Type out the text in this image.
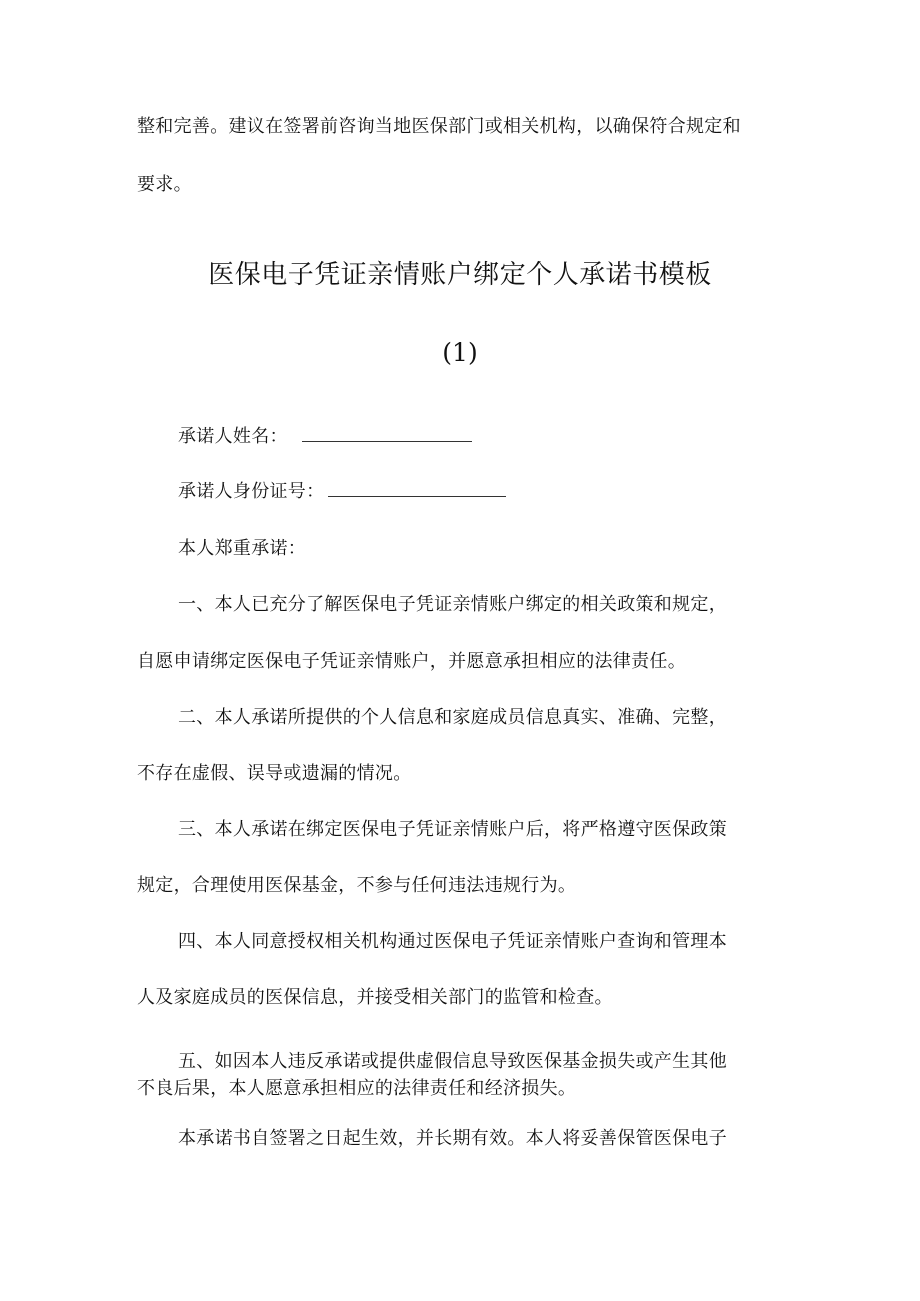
整和完善。建议在签署前咨询当地医保部门或相关机构，以确保符合规定和
要求。
医保电子凭证亲情账户绑定个人承诺书模板
(1)
承诺人姓名：
承诺人身份证号：
本人郑重承诺：
一、本人已充分了解医保电子凭证亲情账户绑定的相关政策和规定，
自愿申请绑定医保电子凭证亲情账户，并愿意承担相应的法律责任。
二、本人承诺所提供的个人信息和家庭成员信息真实、准确、完整，
不存在虚假、误导或遗漏的情况。
三、本人承诺在绑定医保电子凭证亲情账户后，将严格遵守医保政策
规定，合理使用医保基金，不参与任何违法违规行为。
四、本人同意授权相关机构通过医保电子凭证亲情账户查询和管理本
人及家庭成员的医保信息，并接受相关部门的监管和检查。
五、如因本人违反承诺或提供虚假信息导致医保基金损失或产生其他
不良后果，本人愿意承担相应的法律责任和经济损失。
本承诺书自签署之日起生效，并长期有效。本人将妥善保管医保电子
